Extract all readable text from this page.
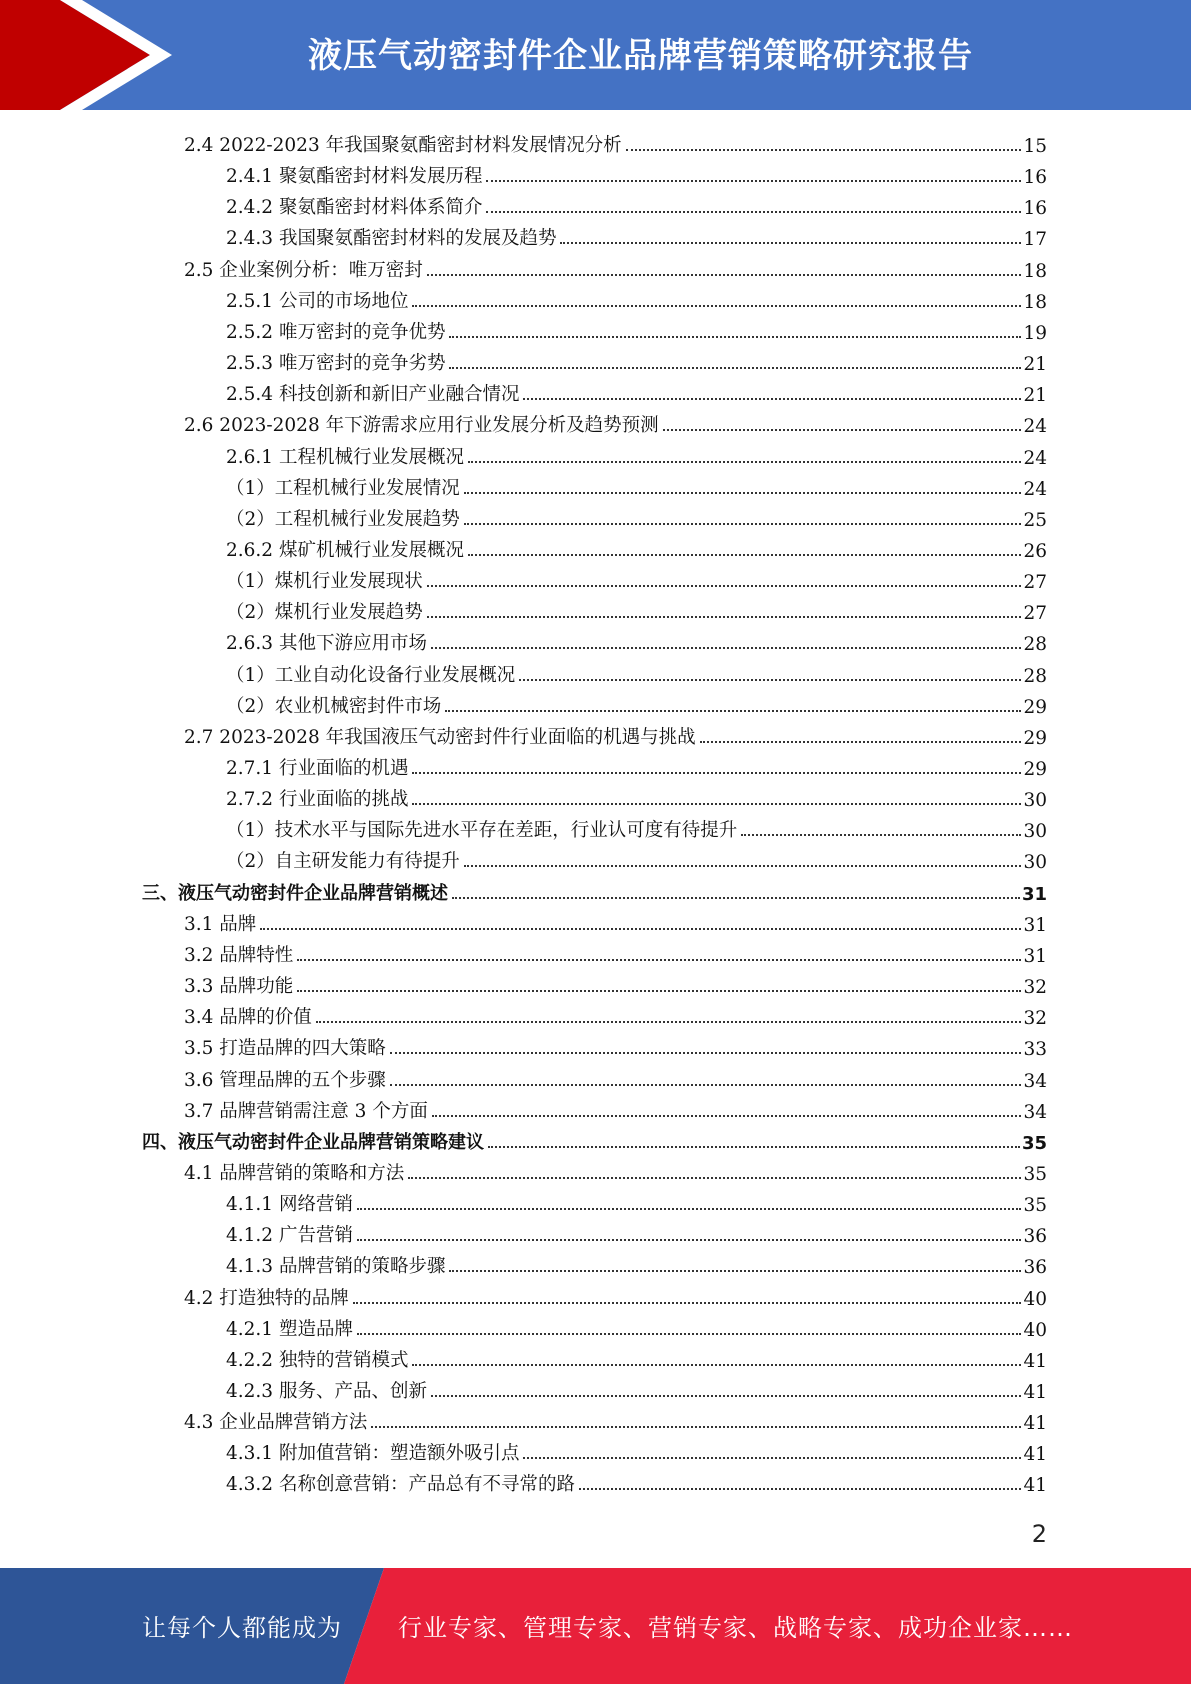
液压气动密封件企业品牌营销策略研究报告
2.4 2022-2023 年我国聚氨酯密封材料发展情况分析	15
2.4.1 聚氨酯密封材料发展历程	16
2.4.2 聚氨酯密封材料体系简介	16
2.4.3 我国聚氨酯密封材料的发展及趋势	17
2.5 企业案例分析：唯万密封	18
2.5.1 公司的市场地位	18
2.5.2 唯万密封的竞争优势	19
2.5.3 唯万密封的竞争劣势	21
2.5.4 科技创新和新旧产业融合情况	21
2.6 2023-2028 年下游需求应用行业发展分析及趋势预测	24
2.6.1 工程机械行业发展概况	24
（1）工程机械行业发展情况	24
（2）工程机械行业发展趋势	25
2.6.2 煤矿机械行业发展概况	26
（1）煤机行业发展现状	27
（2）煤机行业发展趋势	27
2.6.3 其他下游应用市场	28
（1）工业自动化设备行业发展概况	28
（2）农业机械密封件市场	29
2.7 2023-2028 年我国液压气动密封件行业面临的机遇与挑战	29
2.7.1 行业面临的机遇	29
2.7.2 行业面临的挑战	30
（1）技术水平与国际先进水平存在差距，行业认可度有待提升	30
（2）自主研发能力有待提升	30
三、液压气动密封件企业品牌营销概述	31
3.1 品牌	31
3.2 品牌特性	31
3.3 品牌功能	32
3.4 品牌的价值	32
3.5 打造品牌的四大策略	33
3.6 管理品牌的五个步骤	34
3.7 品牌营销需注意 3 个方面	34
四、液压气动密封件企业品牌营销策略建议	35
4.1 品牌营销的策略和方法	35
4.1.1 网络营销	35
4.1.2 广告营销	36
4.1.3 品牌营销的策略步骤	36
4.2 打造独特的品牌	40
4.2.1 塑造品牌	40
4.2.2 独特的营销模式	41
4.2.3 服务、产品、创新	41
4.3 企业品牌营销方法	41
4.3.1 附加值营销：塑造额外吸引点	41
4.3.2 名称创意营销：产品总有不寻常的路	41
2
让每个人都能成为 行业专家、管理专家、营销专家、战略专家、成功企业家……
